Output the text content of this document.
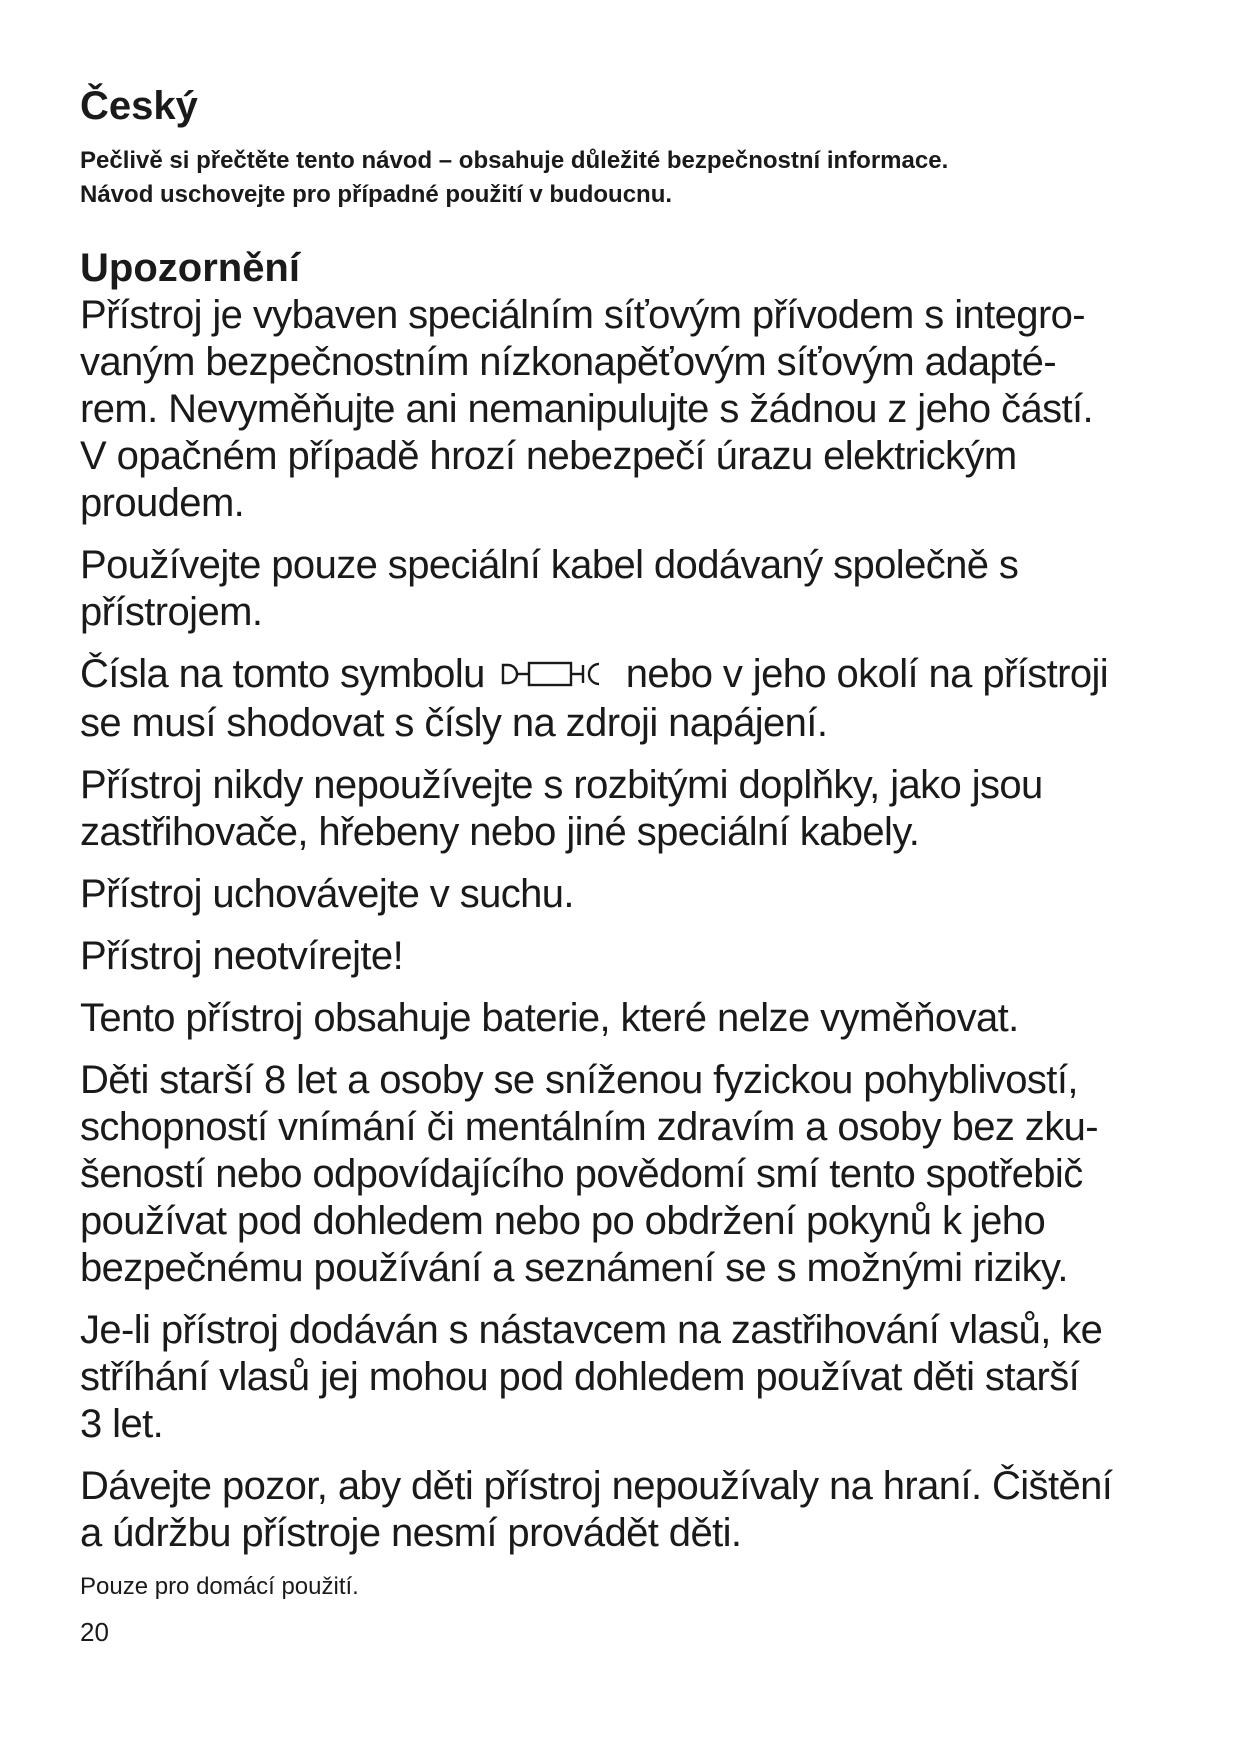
Český

Pečlivě si přečtěte tento návod – obsahuje důležité bezpečnostní informace.

Návod uschovejte pro případné použití v budoucnu.

Upozornění

Přístroj je vybaven speciálním síťovým přívodem s integro-
vaným bezpečnostním nízkonapěťovým síťovým adapté-
rem. Nevyměňujte ani nemanipulujte s žádnou z jeho částí.
V opačném případě hrozí nebezpečí úrazu elektrickým
proudem.

Používejte pouze speciální kabel dodávaný společně s
přístrojem.

Čísla na tomto symbolu	nebo v jeho okolí na přístroji
se musí shodovat s čísly na zdroji napájení.

Přístroj nikdy nepoužívejte s rozbitými doplňky, jako jsou
zastřihovače, hřebeny nebo jiné speciální kabely.

Přístroj uchovávejte v suchu.

Přístroj neotvírejte!

Tento přístroj obsahuje baterie, které nelze vyměňovat.

Děti starší 8 let a osoby se sníženou fyzickou pohyblivostí,
schopností vnímání či mentálním zdravím a osoby bez zku-
šeností nebo odpovídajícího povědomí smí tento spotřebič
používat pod dohledem nebo po obdržení pokynů k jeho
bezpečnému používání a seznámení se s možnými riziky.

Je-li přístroj dodáván s nástavcem na zastřihování vlasů, ke
stříhání vlasů jej mohou pod dohledem používat děti starší
3 let.

Dávejte pozor, aby děti přístroj nepoužívaly na hraní. Čištění
a údržbu přístroje nesmí provádět děti.

Pouze pro domácí použití.

20
